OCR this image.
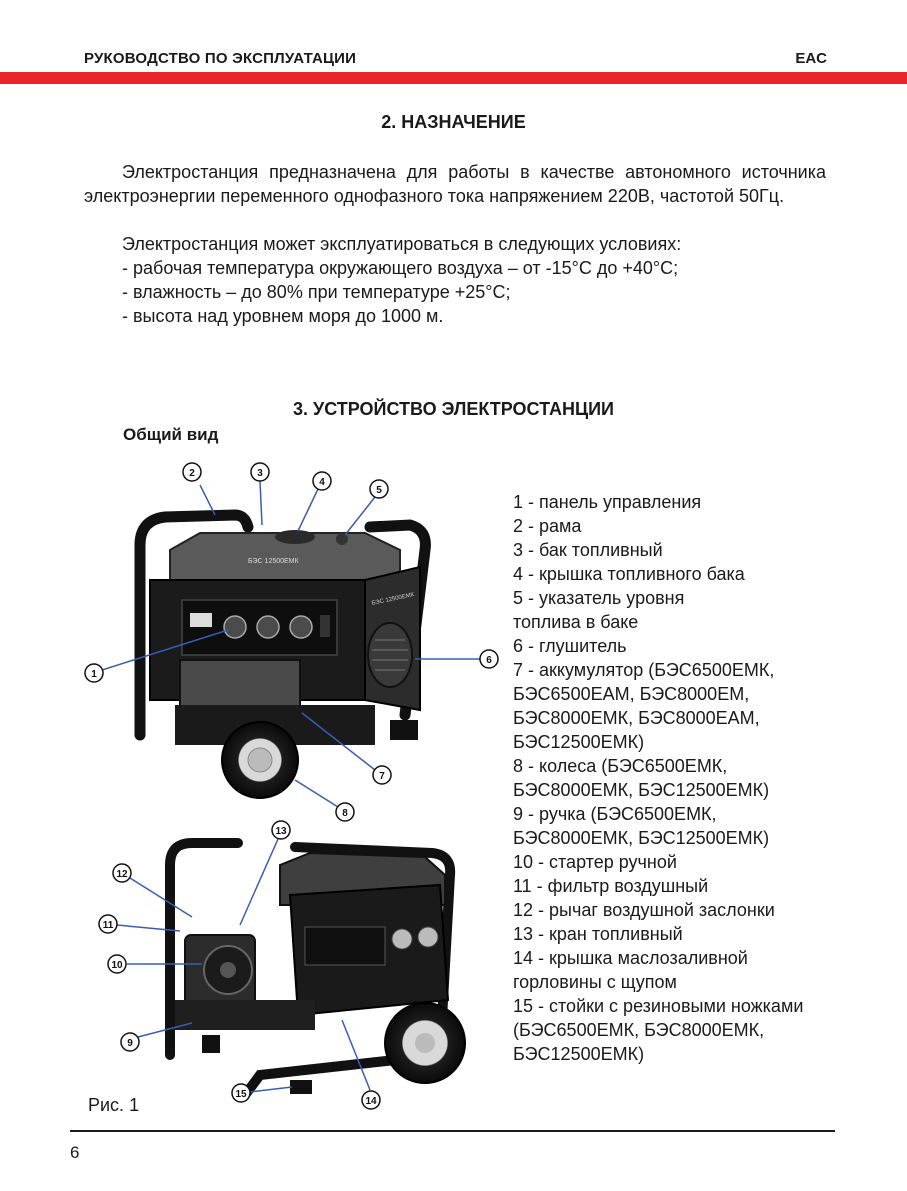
РУКОВОДСТВО ПО ЭКСПЛУАТАЦИИ	EAC
2. НАЗНАЧЕНИЕ

Электростанция предназначена для работы в качестве автономного источника электроэнергии переменного однофазного тока напряжением 220В, частотой 50Гц.

Электростанция может эксплуатироваться в следующих условиях:

- рабочая температура окружающего воздуха – от -15°С до +40°С;

- влажность – до 80% при температуре +25°С;

- высота над уровнем моря до 1000 м.

3. УСТРОЙСТВО ЭЛЕКТРОСТАНЦИИ
Общий вид
БЭС 12500ЕМК
БЭС 12500ЕМК
2	3
4
5
1
6
7
8
13
12
11
10
9
15
14
1 - панель управления
2 - рама
3 - бак топливный
4 - крышка топливного бака
5 - указатель уровня топлива в баке
6 - глушитель
7 - аккумулятор (БЭС6500ЕМК, БЭС6500ЕАМ, БЭС8000ЕМ, БЭС8000ЕМК, БЭС8000ЕАМ, БЭС12500ЕМК)
8 - колеса (БЭС6500ЕМК, БЭС8000ЕМК, БЭС12500ЕМК)
9 - ручка (БЭС6500ЕМК, БЭС8000ЕМК, БЭС12500ЕМК)
10 - стартер ручной
11 - фильтр воздушный
12 - рычаг воздушной заслонки
13 - кран топливный
14 - крышка маслозаливной горловины с щупом
15 - стойки с резиновыми ножками (БЭС6500ЕМК, БЭС8000ЕМК, БЭС12500ЕМК)
Рис. 1
6
